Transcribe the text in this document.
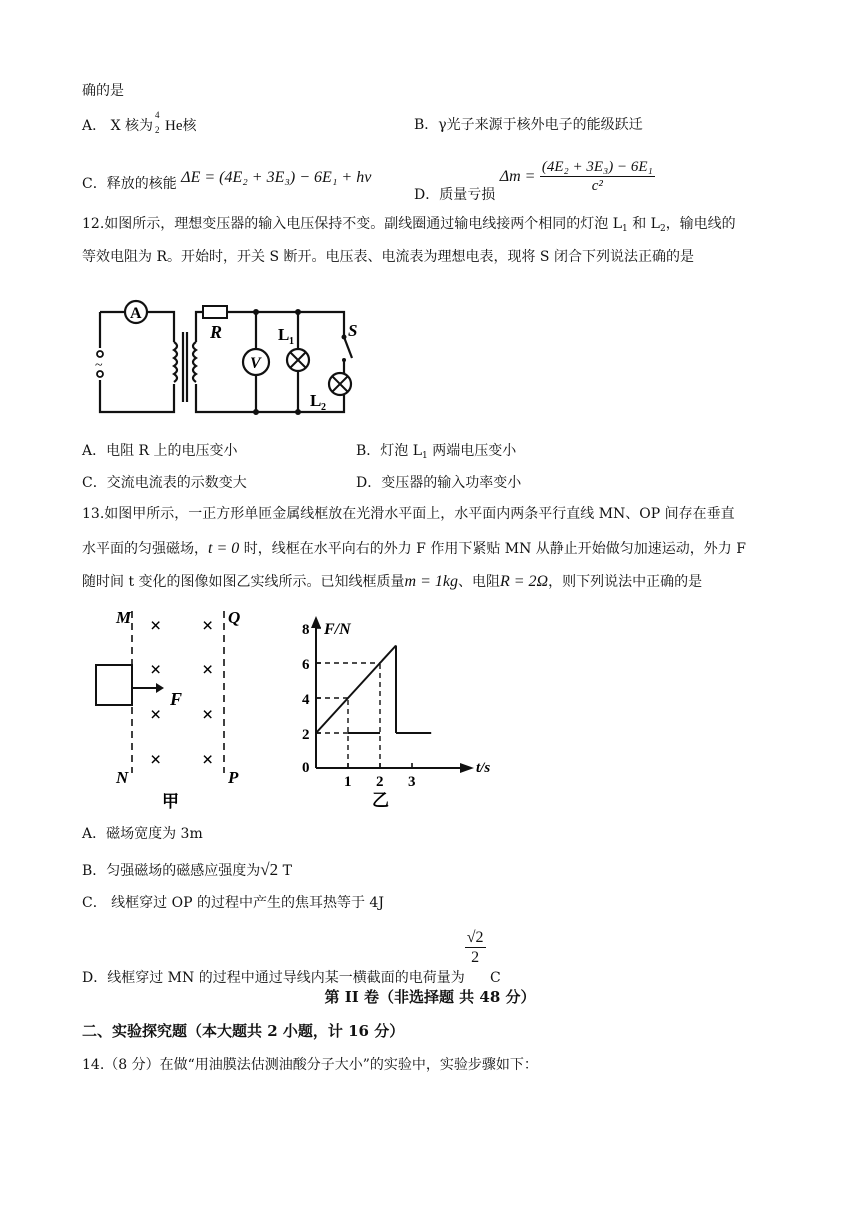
确的是
A． X 核为
4
2 He核	B．γ光子来源于核外电子的能级跃迁
C．释放的核能 ΔE = (4E₂ + 3E₃) − 6E₁ + hν
D．质量亏损 $\Delta m = \frac{\text{(4E₂ + 3E₃) − 6E₁}}{\text{c²}}$
12.如图所示，理想变压器的输入电压保持不变。副线圈通过输电线接两个相同的灯泡 $L_1$ 和 $L_2$，输电线的
等效电阻为 R。开始时，开关 S 断开。电压表、电流表为理想电表，现将 S 闭合下列说法正确的是
~
A
R
V
L 1
S
L 2
A．电阻 R 上的电压变小	B．灯泡 $L_1$ 两端电压变小
C．交流电流表的示数变大	D．变压器的输入功率变小
13.如图甲所示，一正方形单匝金属线框放在光滑水平面上，水平面内两条平行直线 MN、OP 间存在垂直
水平面的匀强磁场，t = 0 时，线框在水平向右的外力 F 作用下紧贴 MN 从静止开始做匀加速运动，外力 F
随时间 t 变化的图像如图乙实线所示。已知线框质量m = 1kg、电阻R = 2Ω，则下列说法中正确的是
M
N
Q
P
× ×
× ×
× ×
× ×
F
甲
1 2 3
2
4
6
8 F/N
t/s
0
乙
A．磁场宽度为 3m
B．匀强磁场的磁感应强度为√2 T
C． 线框穿过 OP 的过程中产生的焦耳热等于 4J
D．线框穿过 MN 的过程中通过导线内某一横截面的电荷量为
$\frac{√2}{2}$
C
第 II 卷（非选择题 共 48 分）
二、实验探究题（本大题共 2 小题，计 16 分）
14.（8 分）在做“用油膜法估测油酸分子大小”的实验中，实验步骤如下：
